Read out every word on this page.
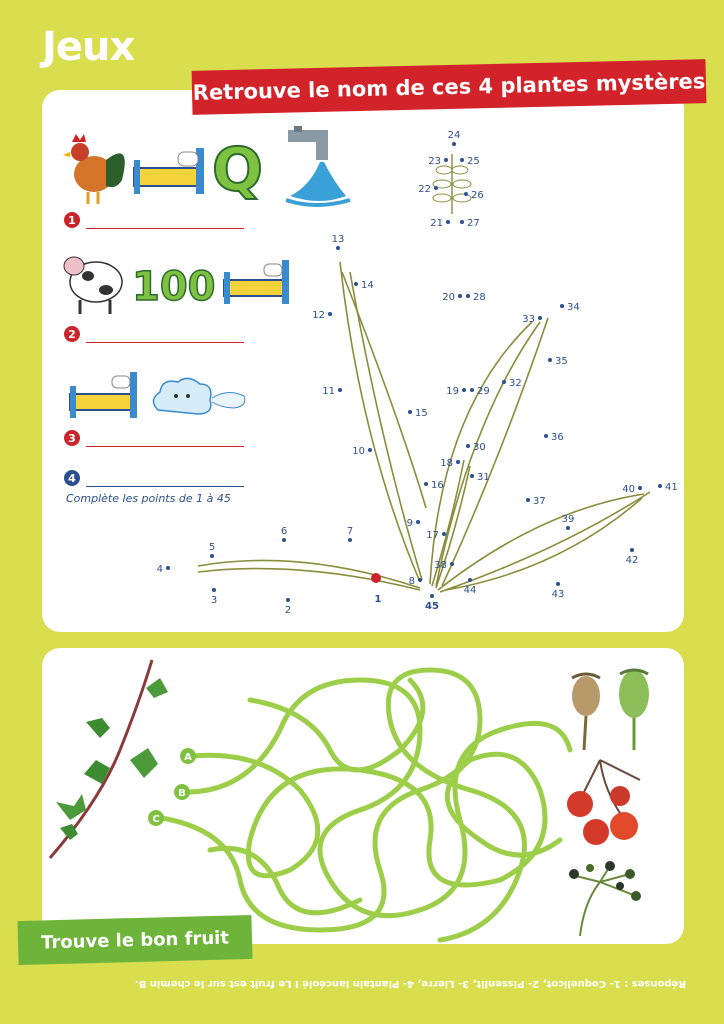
Jeux
Retrouve le nom de ces 4 plantes mystères
Q
1
100
2
3
4
Complète les points de 1 à 45
1
2
3
4
5
6	7
8
9
10
11
12
13
14
15
16
17
18
19
20
21
22
23
24
25
26
27
28
29
30
31
32
33
34
35
36
37
38
39
40	41
42
43
44
45
A
B
C
Trouve le bon fruit
Réponses : 1- Coquelicot, 2- Pissenlit, 3- Lierre, 4- Plantain lancéolé I Le fruit est sur le chemin B.
